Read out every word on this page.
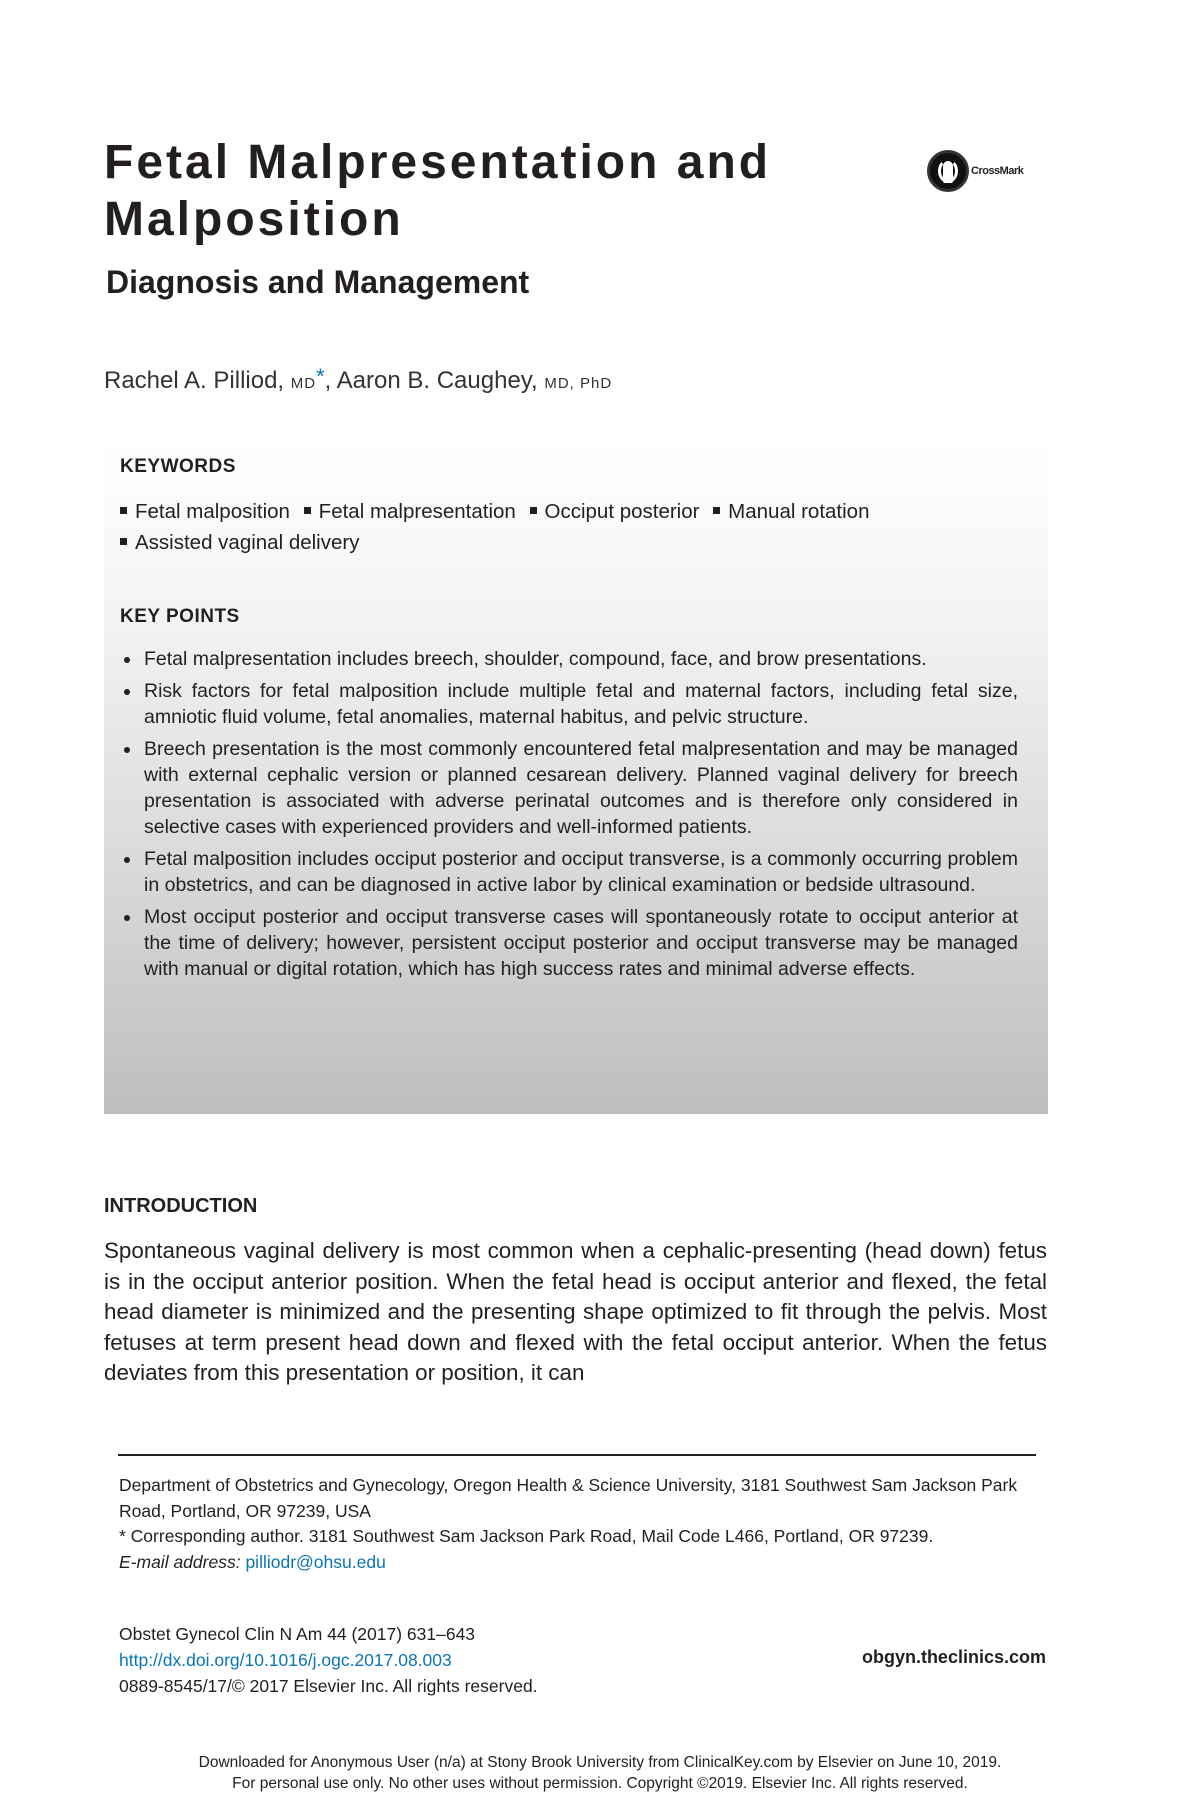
Fetal Malpresentation and
Malposition
CrossMark
Diagnosis and Management
Rachel A. Pilliod, MD*, Aaron B. Caughey, MD, PhD
KEYWORDS

Fetal malposition Fetal malpresentation Occiput posterior Manual rotation
Assisted vaginal delivery

KEY POINTS
Fetal malpresentation includes breech, shoulder, compound, face, and brow presentations.
Risk factors for fetal malposition include multiple fetal and maternal factors, including fetal size, amniotic fluid volume, fetal anomalies, maternal habitus, and pelvic structure.
Breech presentation is the most commonly encountered fetal malpresentation and may be managed with external cephalic version or planned cesarean delivery. Planned vaginal delivery for breech presentation is associated with adverse perinatal outcomes and is therefore only considered in selective cases with experienced providers and well-informed patients.
Fetal malposition includes occiput posterior and occiput transverse, is a commonly occurring problem in obstetrics, and can be diagnosed in active labor by clinical examination or bedside ultrasound.
Most occiput posterior and occiput transverse cases will spontaneously rotate to occiput anterior at the time of delivery; however, persistent occiput posterior and occiput transverse may be managed with manual or digital rotation, which has high success rates and minimal adverse effects.
INTRODUCTION

Spontaneous vaginal delivery is most common when a cephalic-presenting (head down) fetus is in the occiput anterior position. When the fetal head is occiput anterior and flexed, the fetal head diameter is minimized and the presenting shape optimized to fit through the pelvis. Most fetuses at term present head down and flexed with the fetal occiput anterior. When the fetus deviates from this presentation or position, it can

Department of Obstetrics and Gynecology, Oregon Health & Science University, 3181 Southwest Sam Jackson Park Road, Portland, OR 97239, USA

* Corresponding author. 3181 Southwest Sam Jackson Park Road, Mail Code L466, Portland, OR 97239.

E-mail address: pilliodr@ohsu.edu

Obstet Gynecol Clin N Am 44 (2017) 631–643

http://dx.doi.org/10.1016/j.ogc.2017.08.003

0889-8545/17/© 2017 Elsevier Inc. All rights reserved.

obgyn.theclinics.com

Downloaded for Anonymous User (n/a) at Stony Brook University from ClinicalKey.com by Elsevier on June 10, 2019.

For personal use only. No other uses without permission. Copyright ©2019. Elsevier Inc. All rights reserved.
